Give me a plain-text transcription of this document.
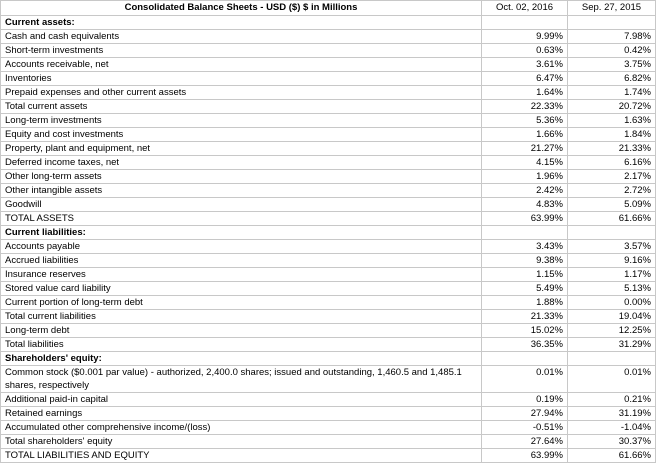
Consolidated Balance Sheets - USD ($) $ in Millions	Oct. 02, 2016	Sep. 27, 2015
Current assets:		
Cash and cash equivalents	9.99%	7.98%
Short-term investments	0.63%	0.42%
Accounts receivable, net	3.61%	3.75%
Inventories	6.47%	6.82%
Prepaid expenses and other current assets	1.64%	1.74%
Total current assets	22.33%	20.72%
Long-term investments	5.36%	1.63%
Equity and cost investments	1.66%	1.84%
Property, plant and equipment, net	21.27%	21.33%
Deferred income taxes, net	4.15%	6.16%
Other long-term assets	1.96%	2.17%
Other intangible assets	2.42%	2.72%
Goodwill	4.83%	5.09%
TOTAL ASSETS	63.99%	61.66%
Current liabilities:		
Accounts payable	3.43%	3.57%
Accrued liabilities	9.38%	9.16%
Insurance reserves	1.15%	1.17%
Stored value card liability	5.49%	5.13%
Current portion of long-term debt	1.88%	0.00%
Total current liabilities	21.33%	19.04%
Long-term debt	15.02%	12.25%
Total liabilities	36.35%	31.29%
Shareholders' equity:		
Common stock ($0.001 par value) - authorized, 2,400.0 shares; issued and outstanding, 1,460.5 and 1,485.1 shares, respectively	0.01%	0.01%
Additional paid-in capital	0.19%	0.21%
Retained earnings	27.94%	31.19%
Accumulated other comprehensive income/(loss)	-0.51%	-1.04%
Total shareholders' equity	27.64%	30.37%
TOTAL LIABILITIES AND EQUITY	63.99%	61.66%
